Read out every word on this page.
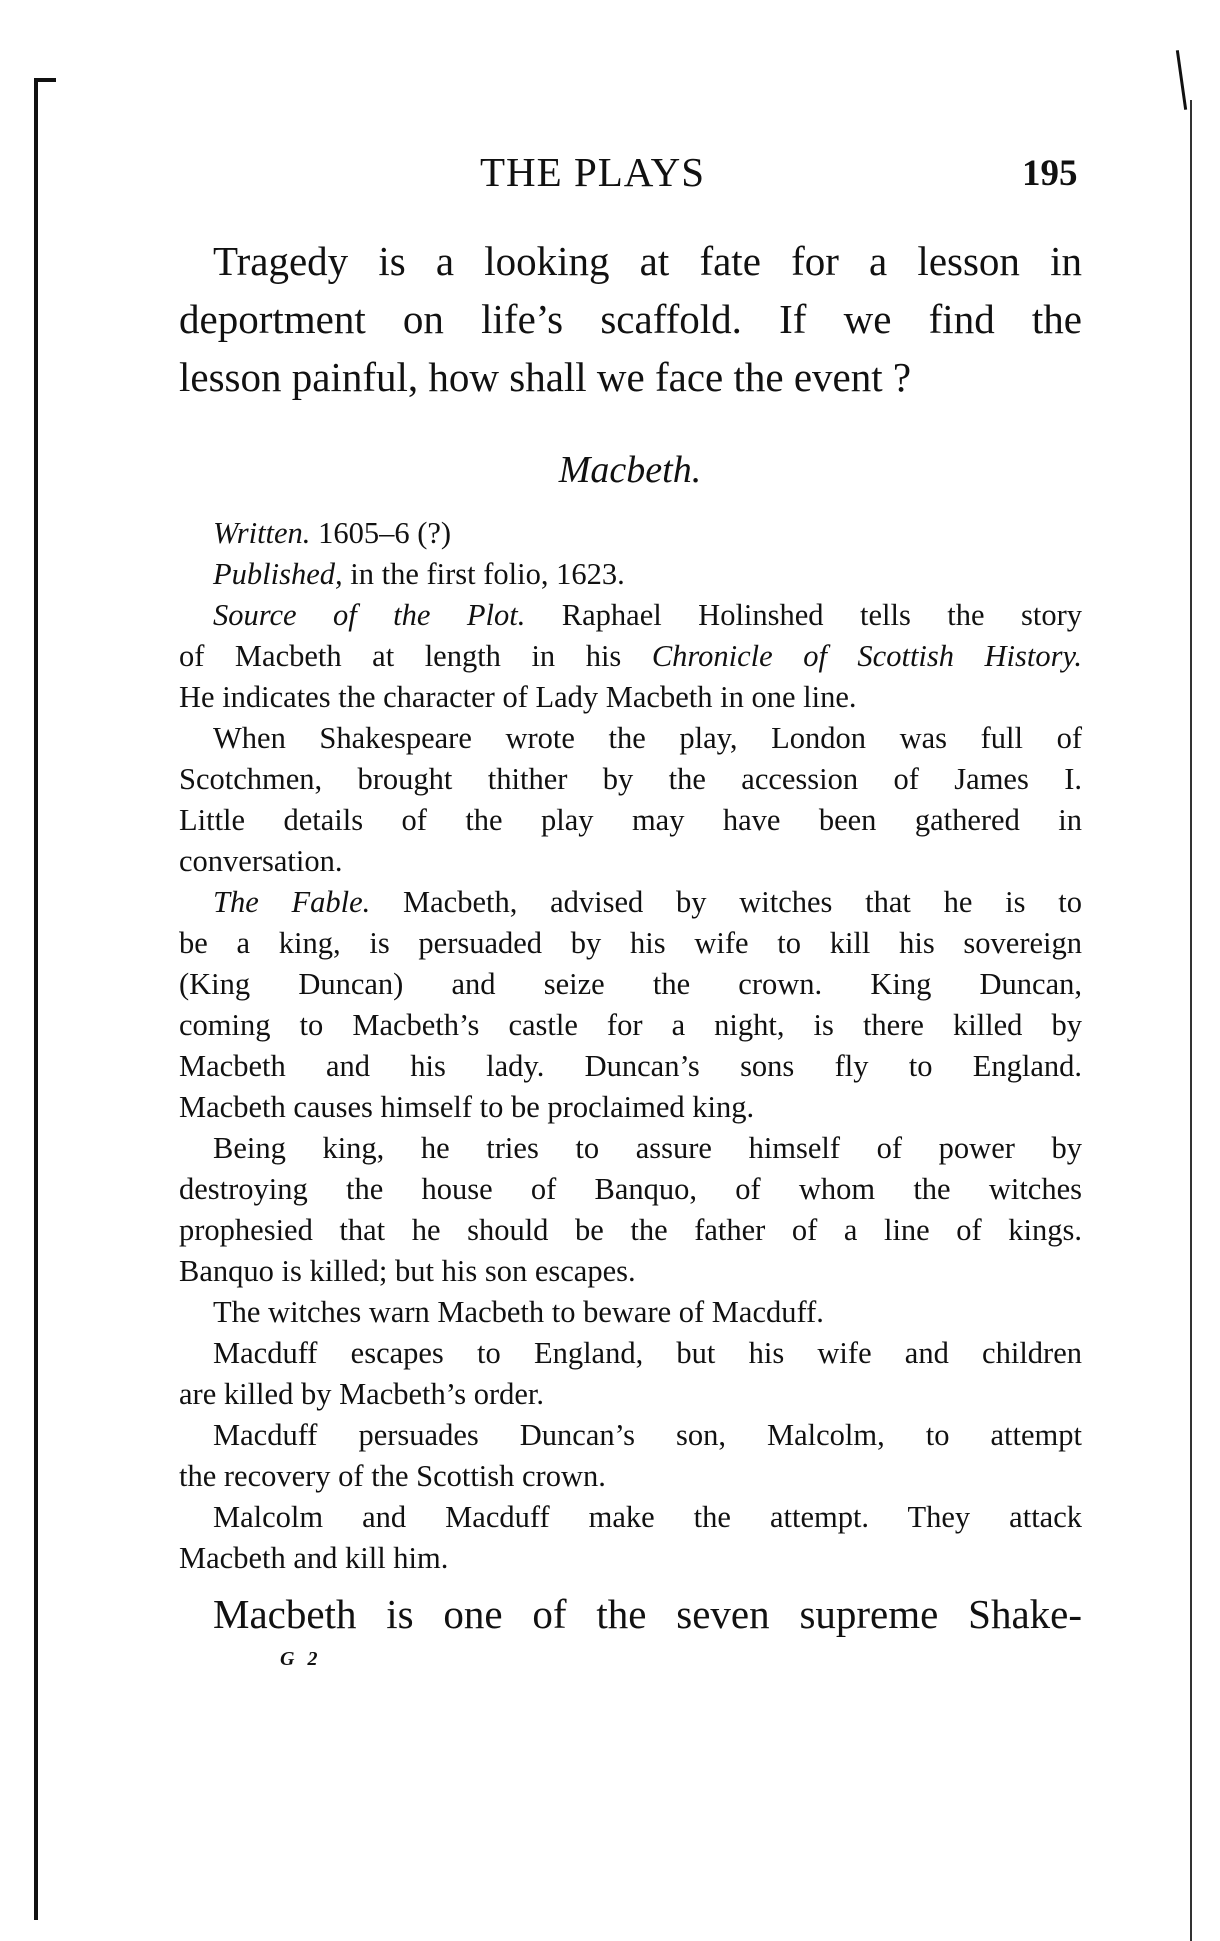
THE PLAYS	195
Tragedy is a looking at fate for a lesson in
deportment on life’s scaffold. If we find the
lesson painful, how shall we face the event ?
Macbeth.
Written. 1605–6 (?)
Published, in the first folio, 1623.
Source of the Plot. Raphael Holinshed tells the story
of Macbeth at length in his Chronicle of Scottish History.
He indicates the character of Lady Macbeth in one line.
When Shakespeare wrote the play, London was full of
Scotchmen, brought thither by the accession of James I.
Little details of the play may have been gathered in
conversation.
The Fable. Macbeth, advised by witches that he is to
be a king, is persuaded by his wife to kill his sovereign
(King Duncan) and seize the crown. King Duncan,
coming to Macbeth’s castle for a night, is there killed by
Macbeth and his lady. Duncan’s sons fly to England.
Macbeth causes himself to be proclaimed king.
Being king, he tries to assure himself of power by
destroying the house of Banquo, of whom the witches
prophesied that he should be the father of a line of kings.
Banquo is killed; but his son escapes.
The witches warn Macbeth to beware of Macduff.
Macduff escapes to England, but his wife and children
are killed by Macbeth’s order.
Macduff persuades Duncan’s son, Malcolm, to attempt
the recovery of the Scottish crown.
Malcolm and Macduff make the attempt. They attack
Macbeth and kill him.
Macbeth is one of the seven supreme Shake-
G 2
